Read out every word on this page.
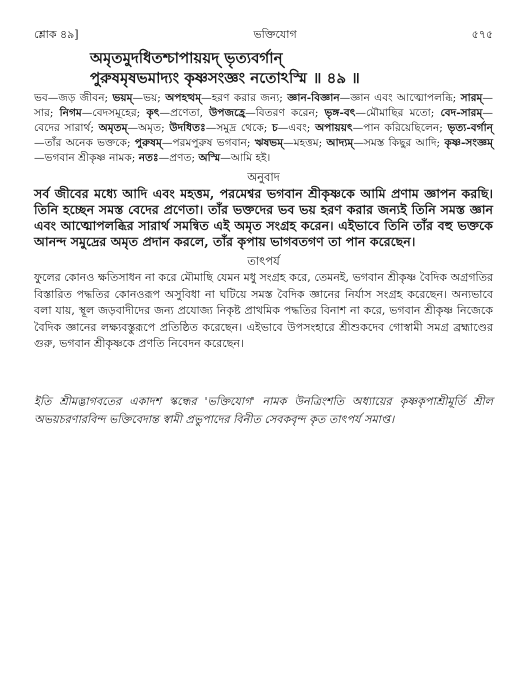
শ্লোক ৪৯]	ভক্তিযোগ	৫৭৫
অমৃতমুদধিতশ্চাপায়য়দ্ ভৃত্যবর্গান্
পুরুষমৃষভমাদ্যং কৃষ্ণসংজ্ঞং নতোঽস্মি ॥ ৪৯ ॥

ভব—জড় জীবন; ভয়ম্—ভয়; অপহত্থম্—হরণ করার জন্য; জ্ঞান-বিজ্ঞান—জ্ঞান এবং আত্মোপলব্ধি; সারম্—সার; নিগম—বেদসমূহের; কৃৎ—প্রণেতা, উপজহ্রে—বিতরণ করেন; ভৃঙ্গ-বৎ—মৌমাছির মতো; বেদ-সারম্—বেদের সারার্থ; অমৃতম্—অমৃত; উদধিতঃ—সমুদ্র থেকে; চ—এবং; অপায়য়ৎ—পান করিয়েছিলেন; ভৃত্য-বর্গান্—তাঁর অনেক ভক্তকে; পুরুষম্—পরমপুরুষ ভগবান; ঋষভম্—মহত্তম; আদ্যম্—সমস্ত কিছুর আদি; কৃষ্ণ-সংজ্ঞম্—ভগবান শ্রীকৃষ্ণ নামক; নতঃ—প্রণত; অস্মি—আমি হই।

অনুবাদ

সর্ব জীবের মধ্যে আদি এবং মহত্তম, পরমেশ্বর ভগবান শ্রীকৃষ্ণকে আমি প্রণাম জ্ঞাপন করছি। তিনি হচ্ছেন সমস্ত বেদের প্রণেতা। তাঁর ভক্তদের ভব ভয় হরণ করার জন্যই তিনি সমস্ত জ্ঞান এবং আত্মোপলব্ধির সারার্থ সমন্বিত এই অমৃত সংগ্রহ করেন। এইভাবে তিনি তাঁর বহু ভক্তকে আনন্দ সমুদ্রের অমৃত প্রদান করলে, তাঁর কৃপায় ভাগবতগণ তা পান করেছেন।

তাৎপর্য

ফুলের কোনও ক্ষতিসাধন না করে মৌমাছি যেমন মধু সংগ্রহ করে, তেমনই, ভগবান শ্রীকৃষ্ণ বৈদিক অগ্রগতির বিস্তারিত পদ্ধতির কোনওরূপ অসুবিধা না ঘটিয়ে সমস্ত বৈদিক জ্ঞানের নির্যাস সংগ্রহ করেছেন। অন্যভাবে বলা যায়, স্থূল জড়বাদীদের জন্য প্রযোজ্য নিকৃষ্ট প্রাথমিক পদ্ধতির বিনাশ না করে, ভগবান শ্রীকৃষ্ণ নিজেকে বৈদিক জ্ঞানের লক্ষ্যবস্তুরূপে প্রতিষ্ঠিত করেছেন। এইভাবে উপসংহারে শ্রীশুকদেব গোস্বামী সমগ্র ব্রহ্মাণ্ডের গুরু, ভগবান শ্রীকৃষ্ণকে প্রণতি নিবেদন করেছেন।

ইতি শ্রীমদ্ভাগবতের একাদশ স্কন্ধের 'ভক্তিযোগ' নামক উনত্রিংশতি অধ্যায়ের কৃষ্ণকৃপাশ্রীমূর্তি শ্রীল অভয়চরণারবিন্দ ভক্তিবেদান্ত স্বামী প্রভুপাদের বিনীত সেবকবৃন্দ কৃত তাৎপর্য সমাপ্ত।
